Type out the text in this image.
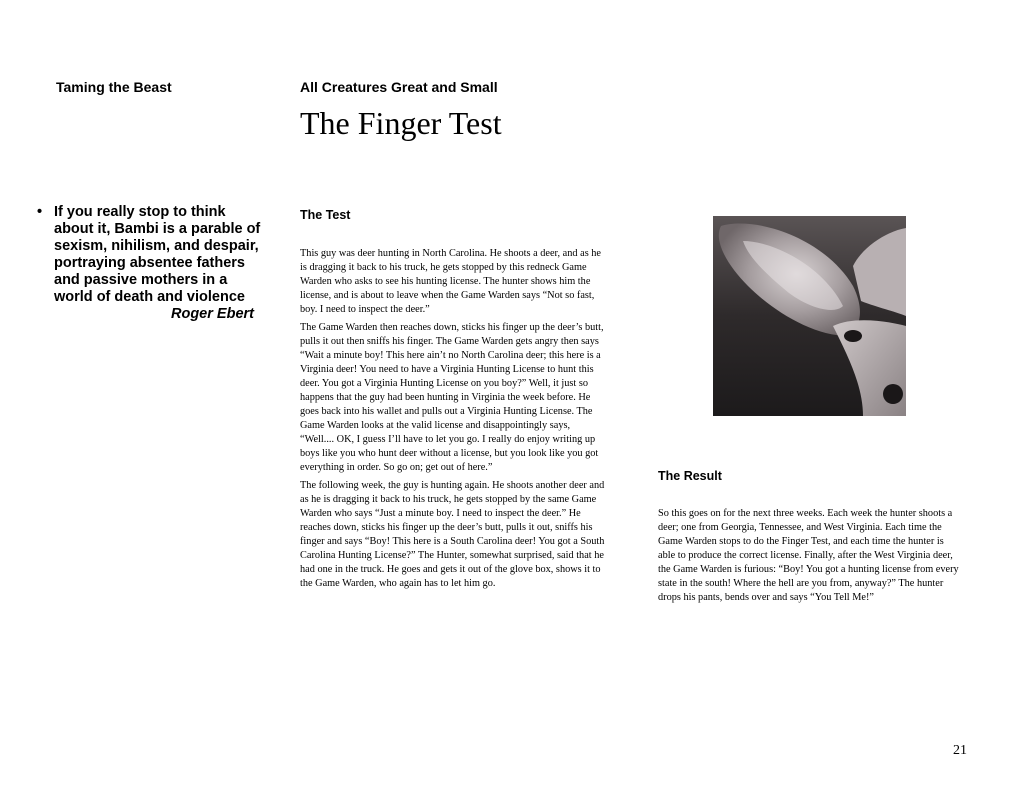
Taming the Beast	All Creatures Great and Small
The Finger Test
• If you really stop to think about it, Bambi is a parable of sexism, nihilism, and despair, portraying absentee fathers and passive mothers in a world of death and violence
Roger Ebert
The Test

This guy was deer hunting in North Carolina. He shoots a deer, and as he is dragging it back to his truck, he gets stopped by this redneck Game Warden who asks to see his hunting license. The hunter shows him the license, and is about to leave when the Game Warden says “Not so fast, boy. I need to inspect the deer.”

The Game Warden then reaches down, sticks his finger up the deer’s butt, pulls it out then sniffs his finger. The Game Warden gets angry then says “Wait a minute boy! This here ain’t no North Carolina deer; this here is a Virginia deer! You need to have a Virginia Hunting License to hunt this deer. You got a Virginia Hunting License on you boy?” Well, it just so happens that the guy had been hunting in Virginia the week before. He goes back into his wallet and pulls out a Virginia Hunting License. The Game Warden looks at the valid license and disappointingly says, “Well.... OK, I guess I’ll have to let you go. I really do enjoy writing up boys like you who hunt deer without a license, but you look like you got everything in order. So go on; get out of here.”

The following week, the guy is hunting again. He shoots another deer and as he is dragging it back to his truck, he gets stopped by the same Game Warden who says “Just a minute boy. I need to inspect the deer.” He reaches down, sticks his finger up the deer’s butt, pulls it out, sniffs his finger and says “Boy! This here is a South Carolina deer! You got a South Carolina Hunting License?” The Hunter, somewhat surprised, said that he had one in the truck. He goes and gets it out of the glove box, shows it to the Game Warden, who again has to let him go.

The Result

So this goes on for the next three weeks. Each week the hunter shoots a deer; one from Georgia, Tennessee, and West Virginia. Each time the Game Warden stops to do the Finger Test, and each time the hunter is able to produce the correct license. Finally, after the West Virginia deer, the Game Warden is furious: “Boy! You got a hunting license from every state in the south! Where the hell are you from, anyway?” The hunter drops his pants, bends over and says “You Tell Me!”

21
